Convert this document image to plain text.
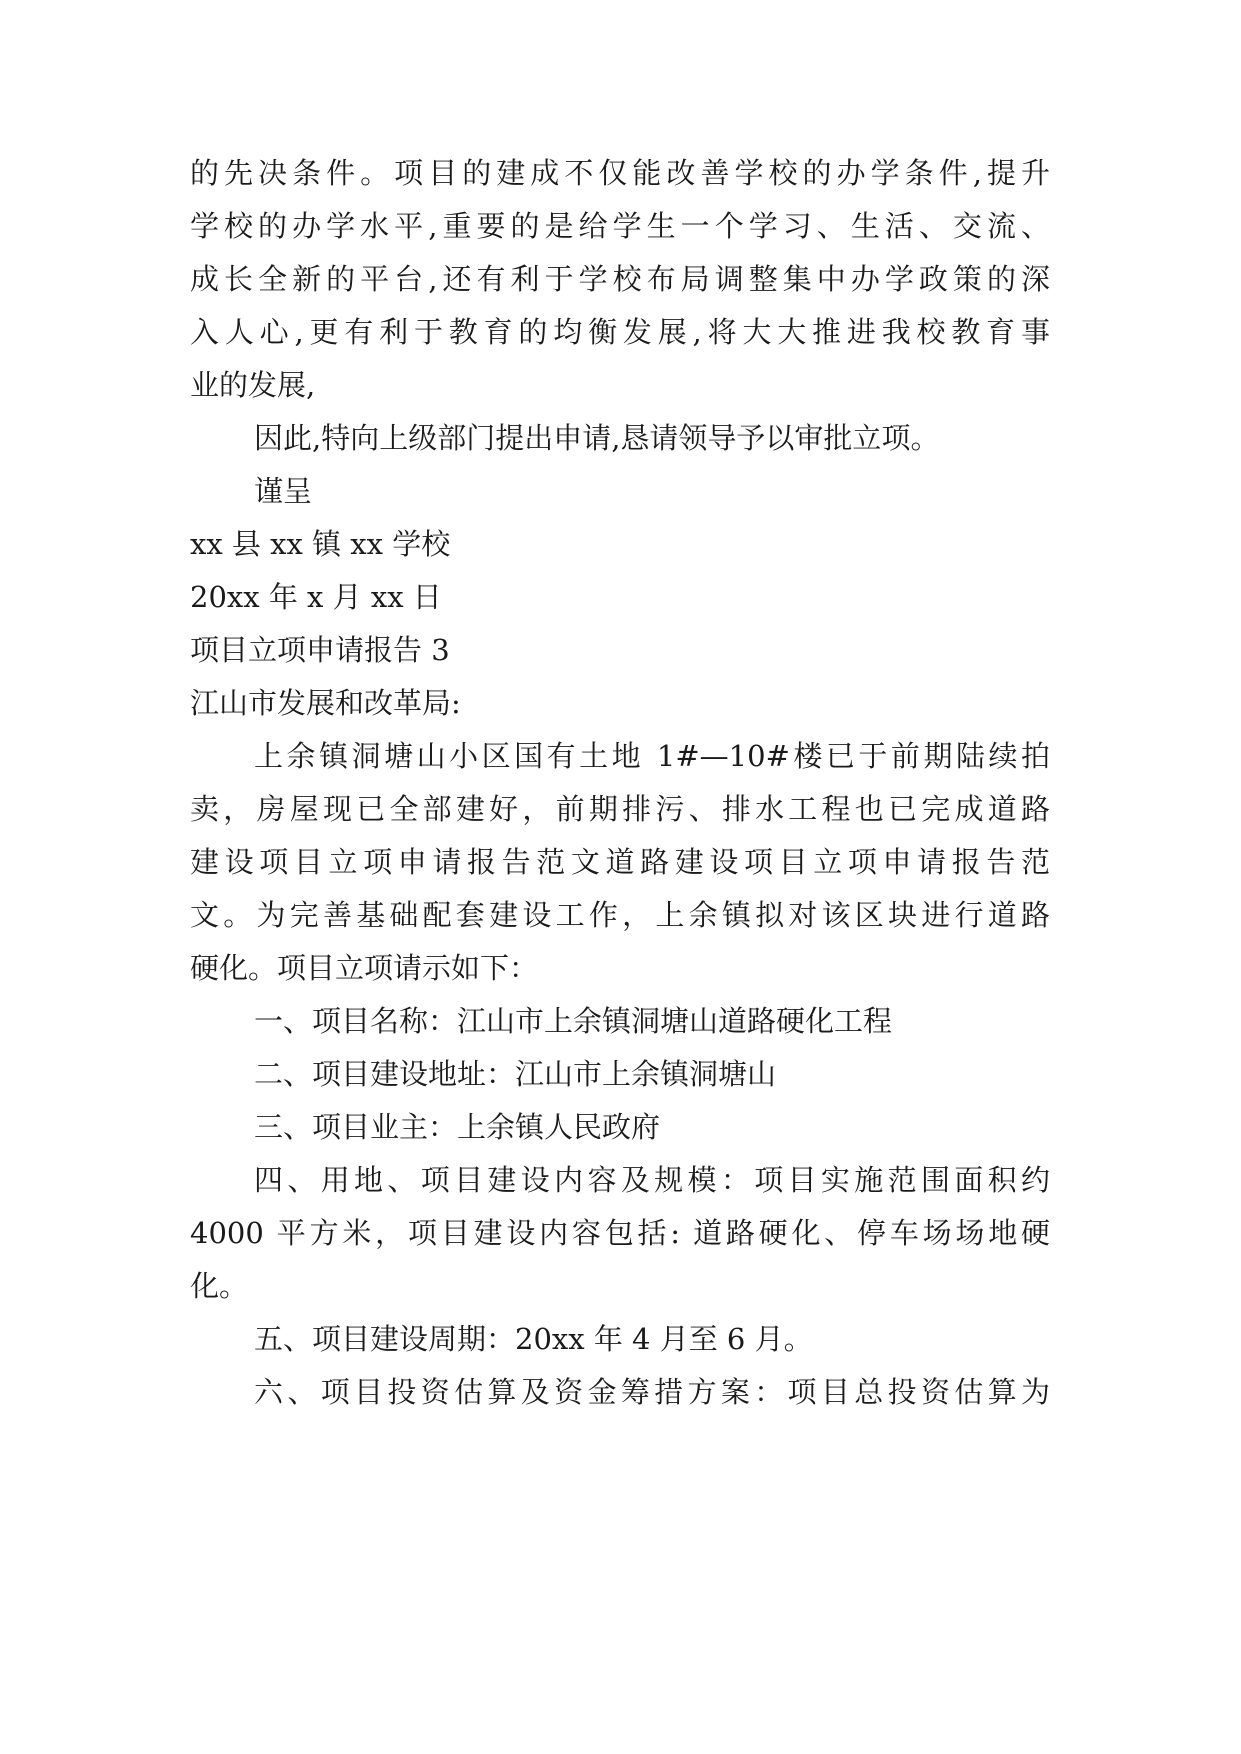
的先决条件。项目的建成不仅能改善学校的办学条件,提升
学校的办学水平,重要的是给学生一个学习、生活、交流、
成长全新的平台,还有利于学校布局调整集中办学政策的深
入人心,更有利于教育的均衡发展,将大大推进我校教育事
业的发展,
因此,特向上级部门提出申请,恳请领导予以审批立项。
谨呈
xx 县 xx 镇 xx 学校
20xx 年 x 月 xx 日
项目立项申请报告 3
江山市发展和改革局:
上余镇洞塘山小区国有土地 1#—10#楼已于前期陆续拍
卖，房屋现已全部建好，前期排污、排水工程也已完成道路
建设项目立项申请报告范文道路建设项目立项申请报告范
文。为完善基础配套建设工作，上余镇拟对该区块进行道路
硬化。项目立项请示如下：
一、项目名称：江山市上余镇洞塘山道路硬化工程
二、项目建设地址：江山市上余镇洞塘山
三、项目业主：上余镇人民政府
四、用地、项目建设内容及规模：项目实施范围面积约
4000 平方米，项目建设内容包括: 道路硬化、停车场场地硬
化。
五、项目建设周期：20xx 年 4 月至 6 月。
六、项目投资估算及资金筹措方案：项目总投资估算为
